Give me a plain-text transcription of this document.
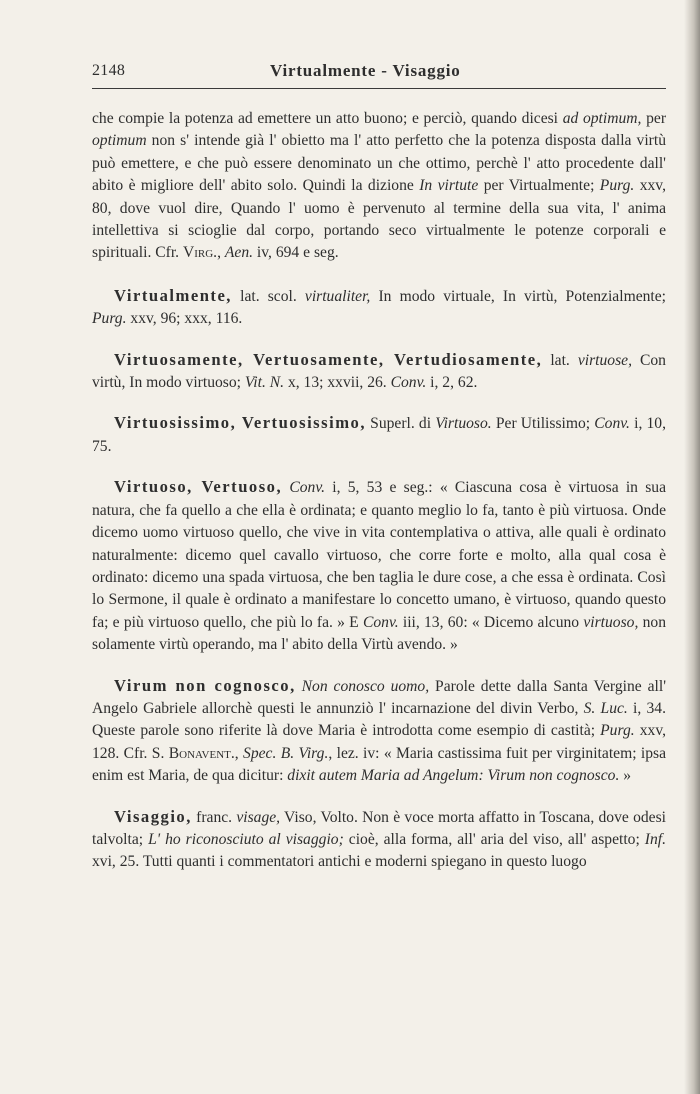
2148	Virtualmente - Visaggio

che compie la potenza ad emettere un atto buono; e perciò, quando dicesi ad optimum, per optimum non s' intende già l' obietto ma l' atto perfetto che la potenza disposta dalla virtù può emettere, e che può essere denominato un che ottimo, perchè l' atto procedente dall' abito è migliore dell' abito solo. Quindi la dizione In virtute per Virtualmente; Purg. xxv, 80, dove vuol dire, Quando l' uomo è pervenuto al termine della sua vita, l' anima intellettiva si scioglie dal corpo, portando seco virtualmente le potenze corporali e spirituali. Cfr. Virg., Aen. iv, 694 e seg.

Virtualmente, lat. scol. virtualiter, In modo virtuale, In virtù, Potenzialmente; Purg. xxv, 96; xxx, 116.

Virtuosamente, Vertuosamente, Vertudiosamente, lat. virtuose, Con virtù, In modo virtuoso; Vit. N. x, 13; xxvii, 26. Conv. i, 2, 62.

Virtuosissimo, Vertuosissimo, Superl. di Virtuoso. Per Utilissimo; Conv. i, 10, 75.

Virtuoso, Vertuoso, Conv. i, 5, 53 e seg.: « Ciascuna cosa è virtuosa in sua natura, che fa quello a che ella è ordinata; e quanto meglio lo fa, tanto è più virtuosa. Onde dicemo uomo virtuoso quello, che vive in vita contemplativa o attiva, alle quali è ordinato naturalmente: dicemo quel cavallo virtuoso, che corre forte e molto, alla qual cosa è ordinato: dicemo una spada virtuosa, che ben taglia le dure cose, a che essa è ordinata. Così lo Sermone, il quale è ordinato a manifestare lo concetto umano, è virtuoso, quando questo fa; e più virtuoso quello, che più lo fa. » E Conv. iii, 13, 60: « Dicemo alcuno virtuoso, non solamente virtù operando, ma l' abito della Virtù avendo. »

Virum non cognosco, Non conosco uomo, Parole dette dalla Santa Vergine all' Angelo Gabriele allorchè questi le annunziò l' incarnazione del divin Verbo, S. Luc. i, 34. Queste parole sono riferite là dove Maria è introdotta come esempio di castità; Purg. xxv, 128. Cfr. S. Bonavent., Spec. B. Virg., lez. iv: « Maria castissima fuit per virginitatem; ipsa enim est Maria, de qua dicitur: dixit autem Maria ad Angelum: Virum non cognosco. »

Visaggio, franc. visage, Viso, Volto. Non è voce morta affatto in Toscana, dove odesi talvolta; L' ho riconosciuto al visaggio; cioè, alla forma, all' aria del viso, all' aspetto; Inf. xvi, 25. Tutti quanti i commentatori antichi e moderni spiegano in questo luogo
